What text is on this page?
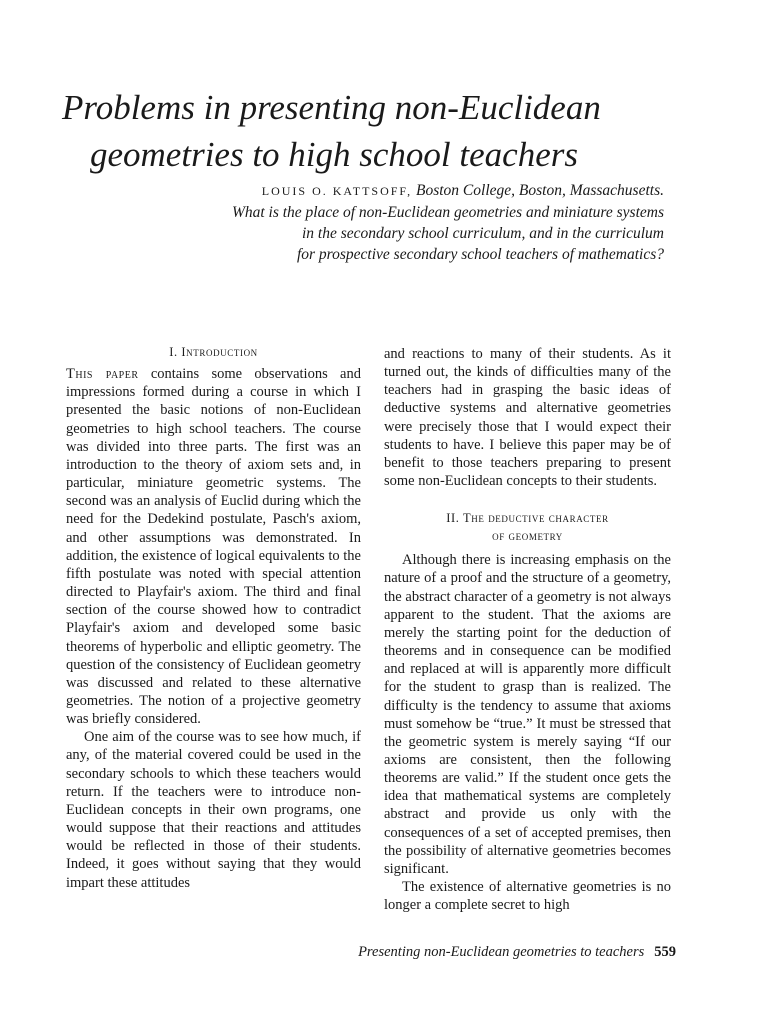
Problems in presenting non-Euclidean
geometries to high school teachers
LOUIS O. KATTSOFF, Boston College, Boston, Massachusetts.
What is the place of non-Euclidean geometries and miniature systems
in the secondary school curriculum, and in the curriculum
for prospective secondary school teachers of mathematics?
I. Introduction

This paper contains some observations and impressions formed during a course in which I presented the basic notions of non-Euclidean geometries to high school teachers. The course was divided into three parts. The first was an introduction to the theory of axiom sets and, in particular, miniature geometric systems. The second was an analysis of Euclid during which the need for the Dedekind postulate, Pasch's axiom, and other assumptions was demonstrated. In addition, the existence of logical equivalents to the fifth postulate was noted with special attention directed to Playfair's axiom. The third and final section of the course showed how to contradict Playfair's axiom and developed some basic theorems of hyperbolic and elliptic geometry. The question of the consistency of Euclidean geometry was discussed and related to these alternative geometries. The notion of a projective geometry was briefly considered.

One aim of the course was to see how much, if any, of the material covered could be used in the secondary schools to which these teachers would return. If the teachers were to introduce non-Euclidean concepts in their own programs, one would suppose that their reactions and attitudes would be reflected in those of their students. Indeed, it goes without saying that they would impart these attitudes

and reactions to many of their students. As it turned out, the kinds of difficulties many of the teachers had in grasping the basic ideas of deductive systems and alternative geometries were precisely those that I would expect their students to have. I believe this paper may be of benefit to those teachers preparing to present some non-Euclidean concepts to their students.

II. The deductive character
of geometry

Although there is increasing emphasis on the nature of a proof and the structure of a geometry, the abstract character of a geometry is not always apparent to the student. That the axioms are merely the starting point for the deduction of theorems and in consequence can be modified and replaced at will is apparently more difficult for the student to grasp than is realized. The difficulty is the tendency to assume that axioms must somehow be “true.” It must be stressed that the geometric system is merely saying “If our axioms are consistent, then the following theorems are valid.” If the student once gets the idea that mathematical systems are completely abstract and provide us only with the consequences of a set of accepted premises, then the possibility of alternative geometries becomes significant.

The existence of alternative geometries is no longer a complete secret to high

Presenting non-Euclidean geometries to teachers 559
